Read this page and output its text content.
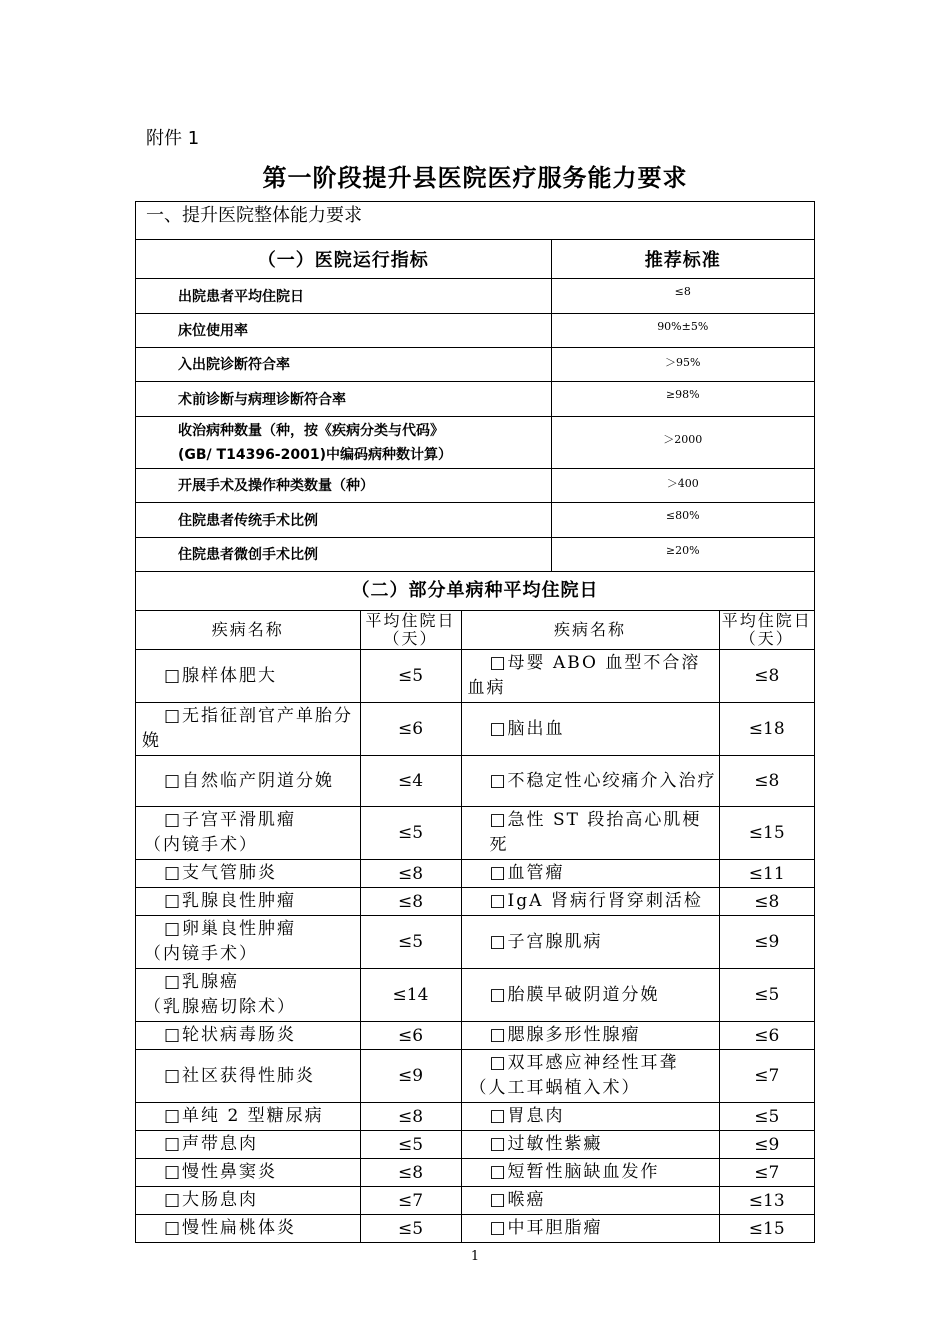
附件 1
第一阶段提升县医院医疗服务能力要求
一、提升医院整体能力要求
（一）医院运行指标	推荐标准
出院患者平均住院日	≤8
床位使用率	90%±5%
入出院诊断符合率	＞95%
术前诊断与病理诊断符合率	≥98%

收治病种数量（种，按《疾病分类与代码》
(GB/ T14396-2001)中编码病种数计算）	＞2000
开展手术及操作种类数量（种）	＞400
住院患者传统手术比例	≤80%
住院患者微创手术比例	≥20%
（二）部分单病种平均住院日
疾病名称	平均住院日（天）	疾病名称	平均住院日（天）
□腺样体肥大	≤5	□母婴 ABO 血型不合溶血病	≤8
□无指征剖官产单胎分娩	≤6	□脑出血	≤18
□自然临产阴道分娩	≤4	□不稳定性心绞痛介入治疗	≤8

□子宫平滑肌瘤
（内镜手术）	≤5	□急性 ST 段抬高心肌梗死	≤15
□支气管肺炎	≤8	□血管瘤	≤11
□乳腺良性肿瘤	≤8	□IgA 肾病行肾穿刺活检	≤8

□卵巢良性肿瘤
（内镜手术）	≤5	□子宫腺肌病	≤9

□乳腺癌
（乳腺癌切除术）	≤14	□胎膜早破阴道分娩	≤5
□轮状病毒肠炎	≤6	□腮腺多形性腺瘤	≤6
□社区获得性肺炎	≤9	□双耳感应神经性耳聋
（人工耳蜗植入术）	≤7
□单纯 2 型糖尿病	≤8	□胃息肉	≤5
□声带息肉	≤5	□过敏性紫癜	≤9
□慢性鼻窦炎	≤8	□短暂性脑缺血发作	≤7
□大肠息肉	≤7	□喉癌	≤13
□慢性扁桃体炎	≤5	□中耳胆脂瘤	≤15
1
